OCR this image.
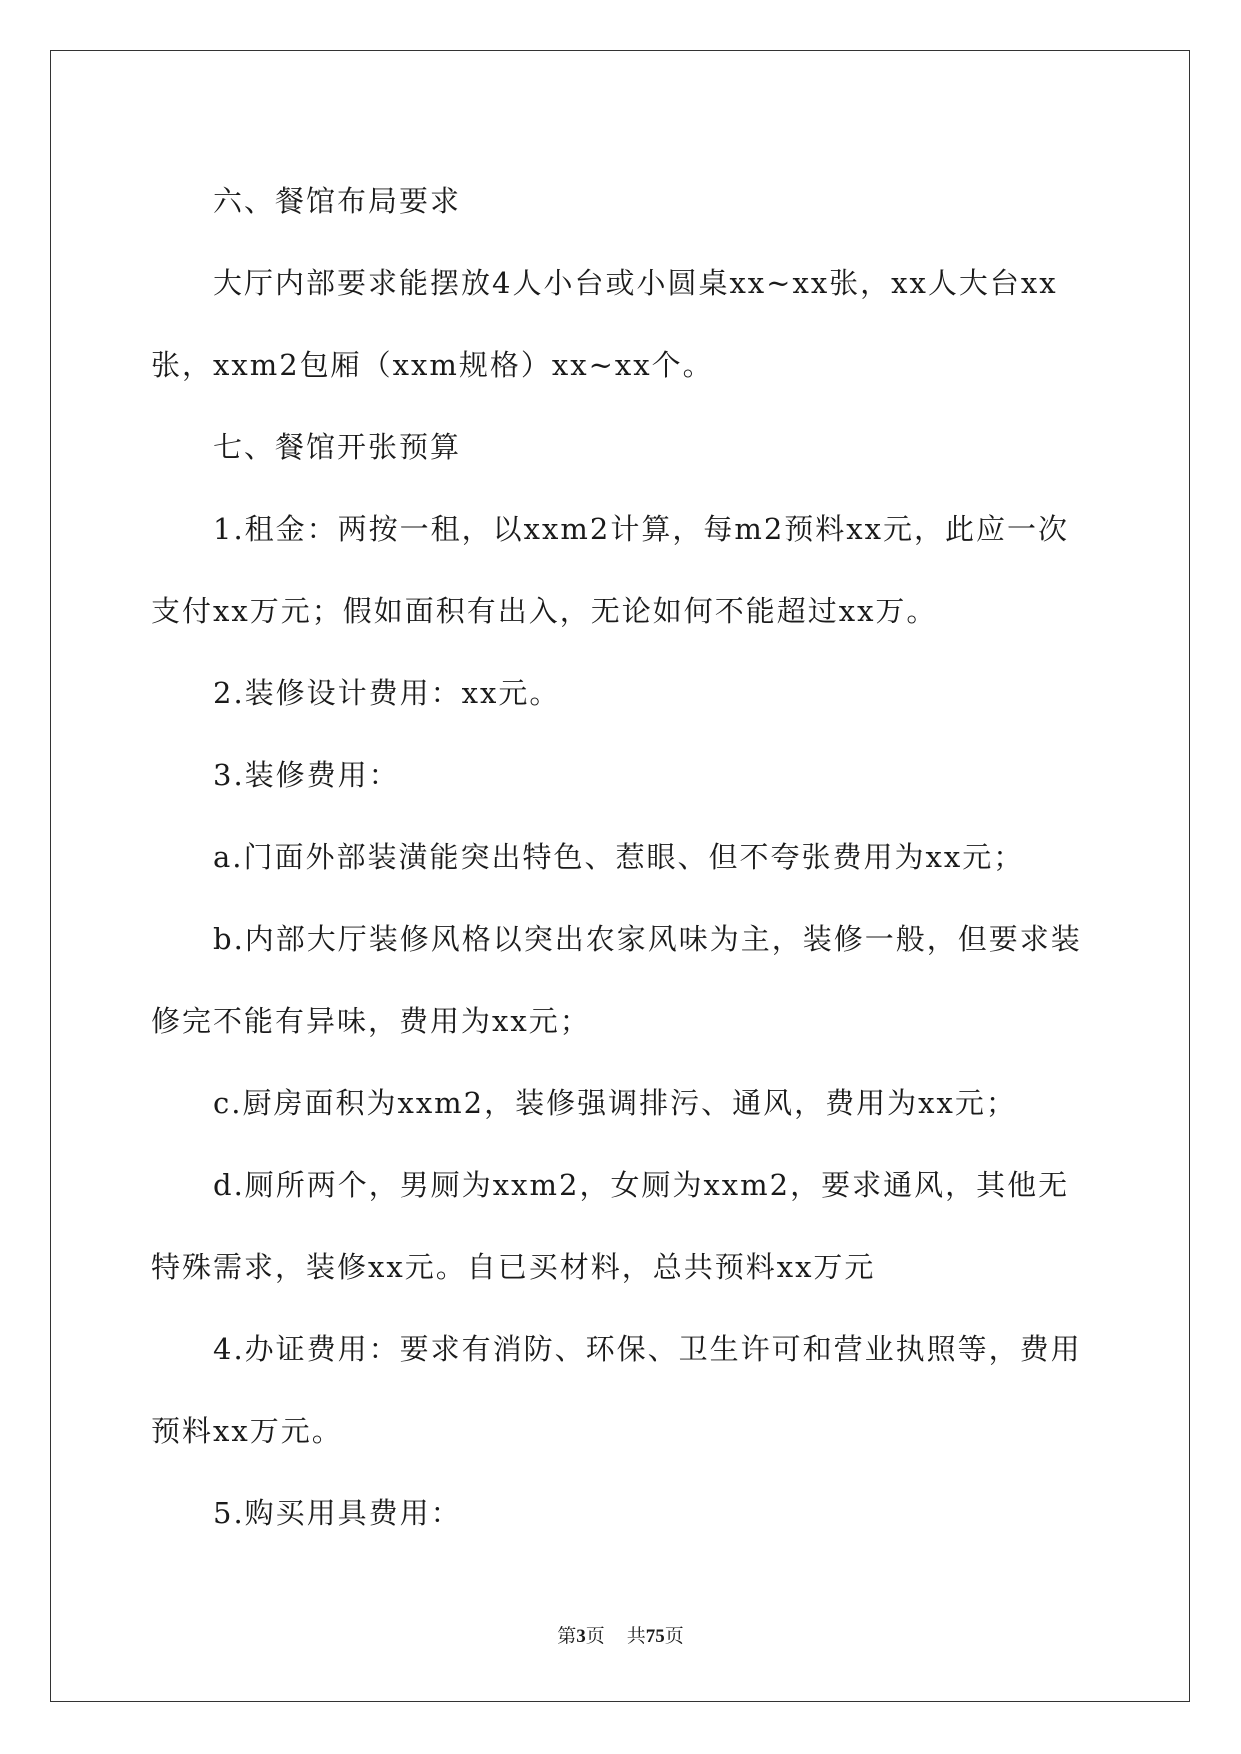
六、餐馆布局要求

大厅内部要求能摆放4人小台或小圆桌xx~xx张，xx人大台xx张，xxm2包厢（xxm规格）xx~xx个。

七、餐馆开张预算

1.租金：两按一租，以xxm2计算，每m2预料xx元，此应一次支付xx万元；假如面积有出入，无论如何不能超过xx万。

2.装修设计费用：xx元。

3.装修费用：

a.门面外部装潢能突出特色、惹眼、但不夸张费用为xx元；

b.内部大厅装修风格以突出农家风味为主，装修一般，但要求装修完不能有异味，费用为xx元；

c.厨房面积为xxm2，装修强调排污、通风，费用为xx元；

d.厕所两个，男厕为xxm2，女厕为xxm2，要求通风，其他无特殊需求，装修xx元。自已买材料，总共预料xx万元

4.办证费用：要求有消防、环保、卫生许可和营业执照等，费用预料xx万元。

5.购买用具费用：

第3页 共75页
